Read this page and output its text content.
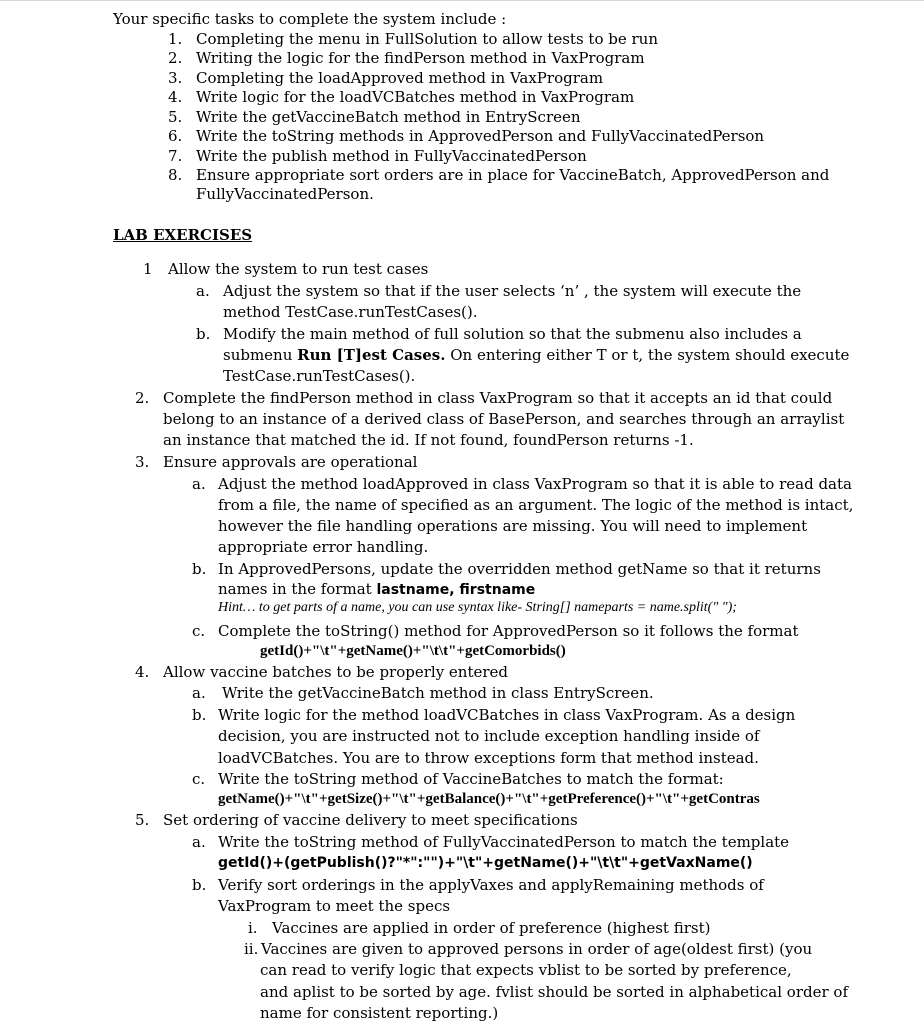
Your specific tasks to complete the system include :
1. Completing the menu in FullSolution to allow tests to be run
2. Writing the logic for the findPerson method in VaxProgram
3. Completing the loadApproved method in VaxProgram
4. Write logic for the loadVCBatches method in VaxProgram
5. Write the getVaccineBatch method in EntryScreen
6. Write the toString methods in ApprovedPerson and FullyVaccinatedPerson
7. Write the publish method in FullyVaccinatedPerson
8. Ensure appropriate sort orders are in place for VaccineBatch, ApprovedPerson and
FullyVaccinatedPerson.
LAB EXERCISES
1 Allow the system to run test cases
a. Adjust the system so that if the user selects ‘n’ , the system will execute the
method TestCase.runTestCases().
b. Modify the main method of full solution so that the submenu also includes a
submenu Run [T]est Cases. On entering either T or t, the system should execute
TestCase.runTestCases().
2. Complete the findPerson method in class VaxProgram so that it accepts an id that could
belong to an instance of a derived class of BasePerson, and searches through an arraylist
an instance that matched the id. If not found, foundPerson returns -1.
3. Ensure approvals are operational
a. Adjust the method loadApproved in class VaxProgram so that it is able to read data
from a file, the name of specified as an argument. The logic of the method is intact,
however the file handling operations are missing. You will need to implement
appropriate error handling.
b. In ApprovedPersons, update the overridden method getName so that it returns
names in the format lastname, firstname
Hint… to get parts of a name, you can use syntax like- String[] nameparts = name.split(" ");
c. Complete the toString() method for ApprovedPerson so it follows the format
getId()+"\t"+getName()+"\t\t"+getComorbids()
4. Allow vaccine batches to be properly entered
a. Write the getVaccineBatch method in class EntryScreen.
b. Write logic for the method loadVCBatches in class VaxProgram. As a design
decision, you are instructed not to include exception handling inside of
loadVCBatches. You are to throw exceptions form that method instead.
c. Write the toString method of VaccineBatches to match the format:
getName()+"\t"+getSize()+"\t"+getBalance()+"\t"+getPreference()+"\t"+getContras
5. Set ordering of vaccine delivery to meet specifications
a. Write the toString method of FullyVaccinatedPerson to match the template
getId()+(getPublish()?"*":"")+"\t"+getName()+"\t\t"+getVaxName()
b. Verify sort orderings in the applyVaxes and applyRemaining methods of
VaxProgram to meet the specs
i. Vaccines are applied in order of preference (highest first)
ii. Vaccines are given to approved persons in order of age(oldest first) (you
can read to verify logic that expects vblist to be sorted by preference,
and aplist to be sorted by age. fvlist should be sorted in alphabetical order of
name for consistent reporting.)
